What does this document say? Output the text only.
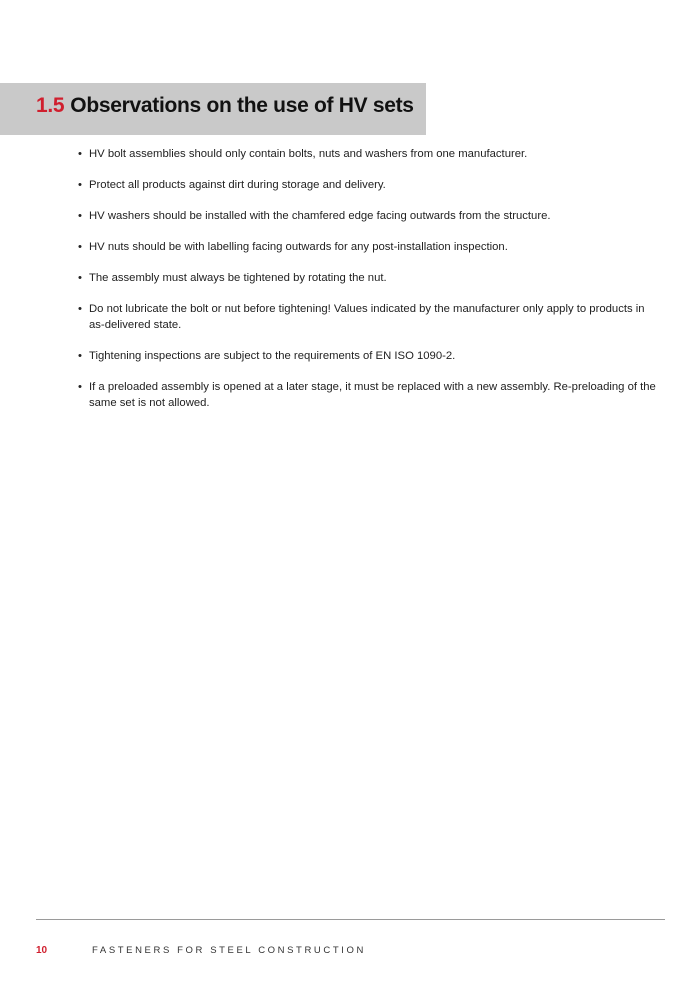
1.5 Observations on the use of HV sets
• HV bolt assemblies should only contain bolts, nuts and washers from one manufacturer.
• Protect all products against dirt during storage and delivery.
• HV washers should be installed with the chamfered edge facing outwards from the structure.
• HV nuts should be with labelling facing outwards for any post-installation inspection.
• The assembly must always be tightened by rotating the nut.
• Do not lubricate the bolt or nut before tightening! Values indicated by the manufacturer only apply to products in as-delivered state.
• Tightening inspections are subject to the requirements of EN ISO 1090-2.
• If a preloaded assembly is opened at a later stage, it must be replaced with a new assembly. Re-preloading of the same set is not allowed.
10	FASTENERS FOR STEEL CONSTRUCTION
